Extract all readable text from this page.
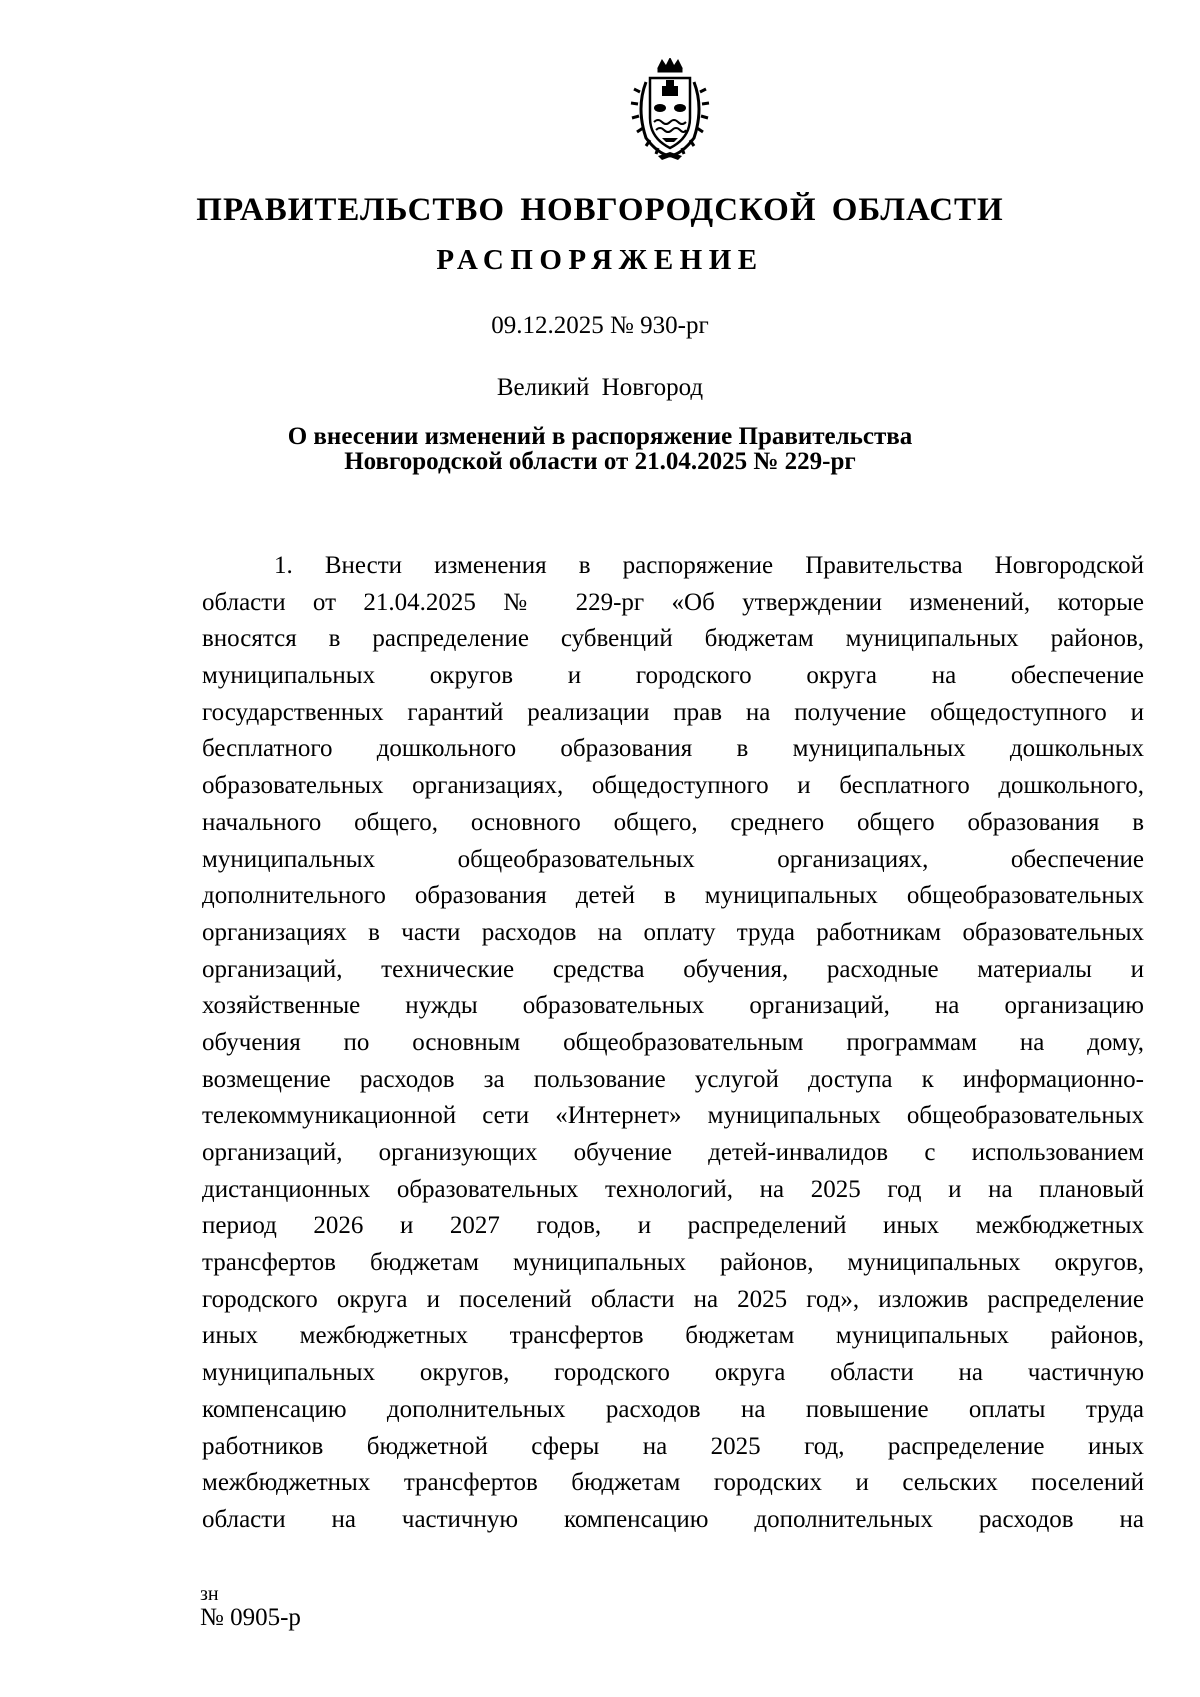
ПРАВИТЕЛЬСТВО НОВГОРОДСКОЙ ОБЛАСТИ
РАСПОРЯЖЕНИЕ
09.12.2025 № 930-рг
Великий Новгород
О внесении изменений в распоряжение Правительства
Новгородской области от 21.04.2025 № 229-рг
1. Внести изменения в распоряжение Правительства Новгородской
области от 21.04.2025 № 229-рг «Об утверждении изменений, которые
вносятся в распределение субвенций бюджетам муниципальных районов,
муниципальных округов и городского округа на обеспечение
государственных гарантий реализации прав на получение общедоступного и
бесплатного дошкольного образования в муниципальных дошкольных
образовательных организациях, общедоступного и бесплатного дошкольного,
начального общего, основного общего, среднего общего образования в
муниципальных общеобразовательных организациях, обеспечение
дополнительного образования детей в муниципальных общеобразовательных
организациях в части расходов на оплату труда работникам образовательных
организаций, технические средства обучения, расходные материалы и
хозяйственные нужды образовательных организаций, на организацию
обучения по основным общеобразовательным программам на дому,
возмещение расходов за пользование услугой доступа к информационно-
телекоммуникационной сети «Интернет» муниципальных общеобразовательных
организаций, организующих обучение детей-инвалидов с использованием
дистанционных образовательных технологий, на 2025 год и на плановый
период 2026 и 2027 годов, и распределений иных межбюджетных
трансфертов бюджетам муниципальных районов, муниципальных округов,
городского округа и поселений области на 2025 год», изложив распределение
иных межбюджетных трансфертов бюджетам муниципальных районов,
муниципальных округов, городского округа области на частичную
компенсацию дополнительных расходов на повышение оплаты труда
работников бюджетной сферы на 2025 год, распределение иных
межбюджетных трансфертов бюджетам городских и сельских поселений
области на частичную компенсацию дополнительных расходов на
зн
№ 0905-р
